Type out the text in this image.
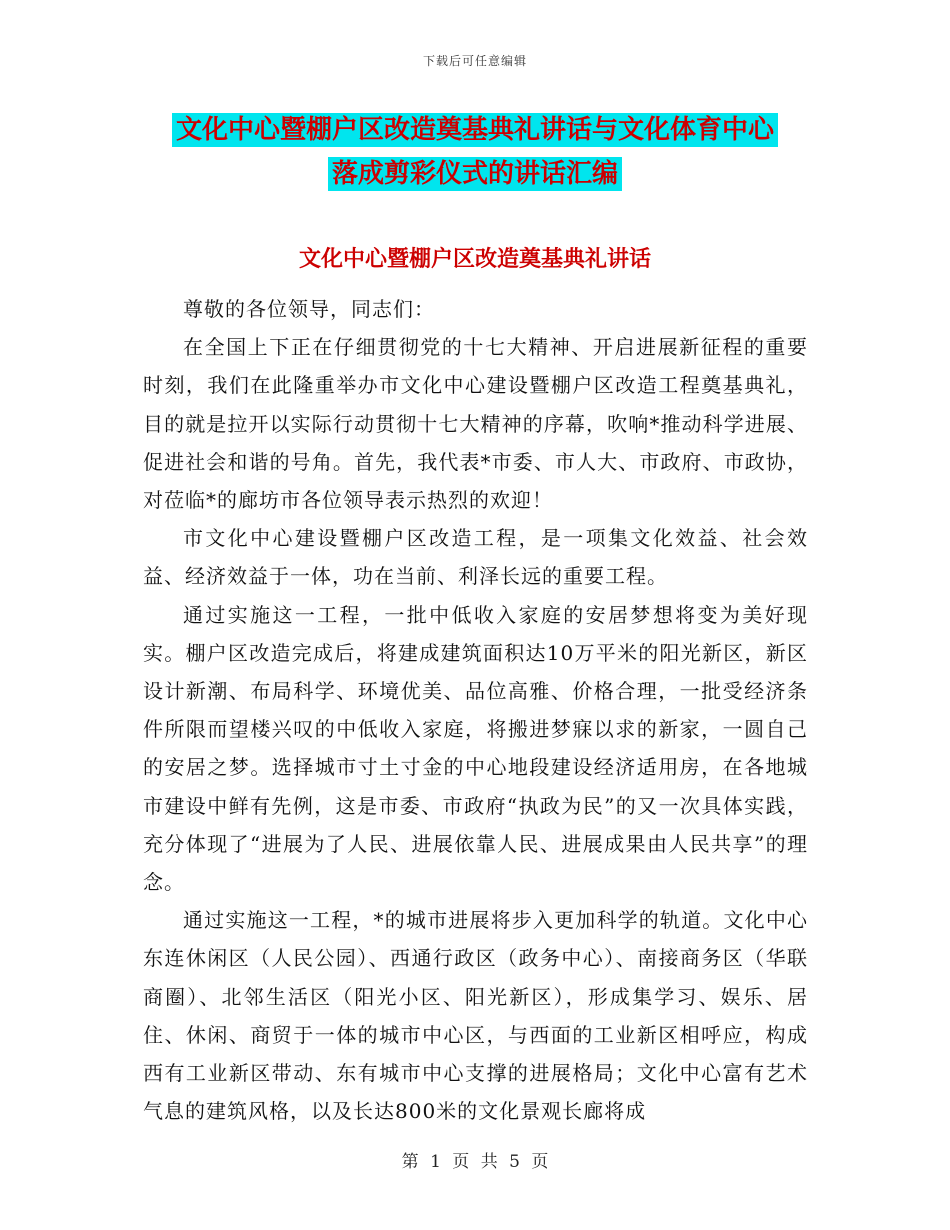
下载后可任意编辑
文化中心暨棚户区改造奠基典礼讲话与文化体育中心
落成剪彩仪式的讲话汇编
文化中心暨棚户区改造奠基典礼讲话

尊敬的各位领导，同志们：

在全国上下正在仔细贯彻党的十七大精神、开启进展新征程的重要时刻，我们在此隆重举办市文化中心建设暨棚户区改造工程奠基典礼，目的就是拉开以实际行动贯彻十七大精神的序幕，吹响*推动科学进展、促进社会和谐的号角。首先，我代表*市委、市人大、市政府、市政协，对莅临*的廊坊市各位领导表示热烈的欢迎！

市文化中心建设暨棚户区改造工程，是一项集文化效益、社会效益、经济效益于一体，功在当前、利泽长远的重要工程。

通过实施这一工程，一批中低收入家庭的安居梦想将变为美好现实。棚户区改造完成后，将建成建筑面积达10万平米的阳光新区，新区设计新潮、布局科学、环境优美、品位高雅、价格合理，一批受经济条件所限而望楼兴叹的中低收入家庭，将搬进梦寐以求的新家，一圆自己的安居之梦。选择城市寸土寸金的中心地段建设经济适用房，在各地城市建设中鲜有先例，这是市委、市政府“执政为民”的又一次具体实践，充分体现了“进展为了人民、进展依靠人民、进展成果由人民共享”的理念。

通过实施这一工程，*的城市进展将步入更加科学的轨道。文化中心东连休闲区（人民公园）、西通行政区（政务中心）、南接商务区（华联商圈）、北邻生活区（阳光小区、阳光新区），形成集学习、娱乐、居住、休闲、商贸于一体的城市中心区，与西面的工业新区相呼应，构成西有工业新区带动、东有城市中心支撑的进展格局；文化中心富有艺术气息的建筑风格，以及长达800米的文化景观长廊将成

第 1 页 共 5 页
